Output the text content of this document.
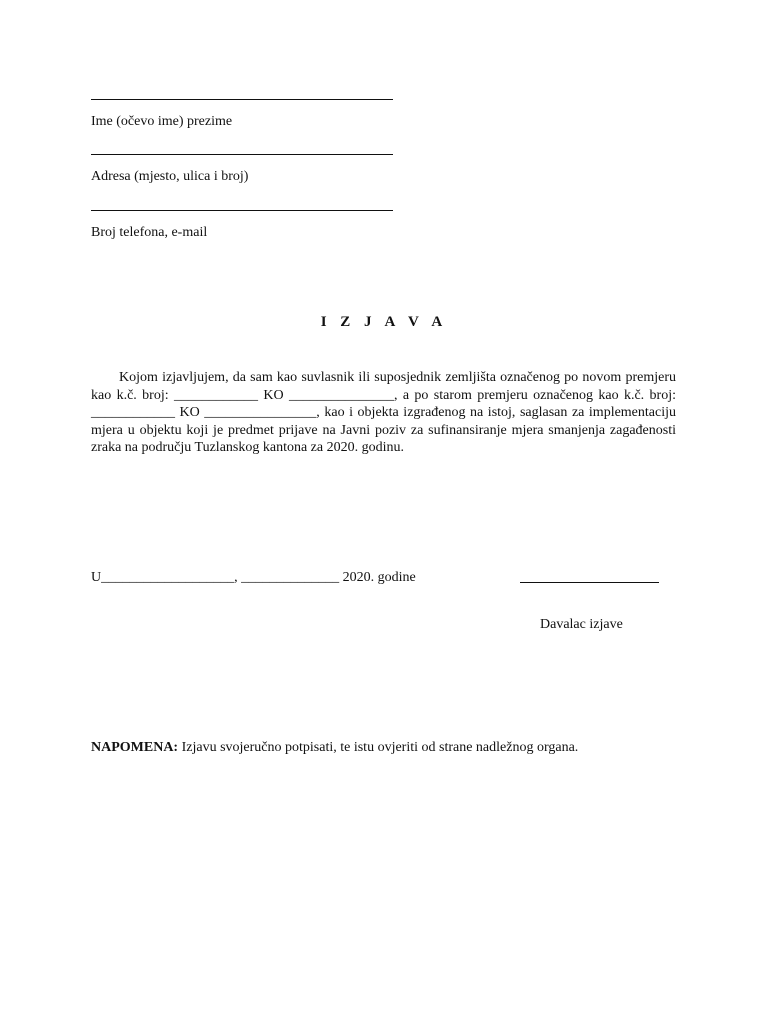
Ime (očevo ime) prezime
Adresa (mjesto, ulica i broj)
Broj telefona, e-mail
I Z J A V A
Kojom izjavljujem, da sam kao suvlasnik ili suposjednik zemljišta označenog po novom premjeru kao k.č. broj: ____________ KO _______________, a po starom premjeru označenog kao k.č. broj: ____________ KO ________________, kao i objekta izgrađenog na istoj, saglasan za implementaciju mjera u objektu koji je predmet prijave na Javni poziv za sufinansiranje mjera smanjenja zagađenosti zraka na području Tuzlanskog kantona za 2020. godinu.
U___________________, ______________ 2020. godine
Davalac izjave
NAPOMENA: Izjavu svojeručno potpisati, te istu ovjeriti od strane nadležnog organa.
